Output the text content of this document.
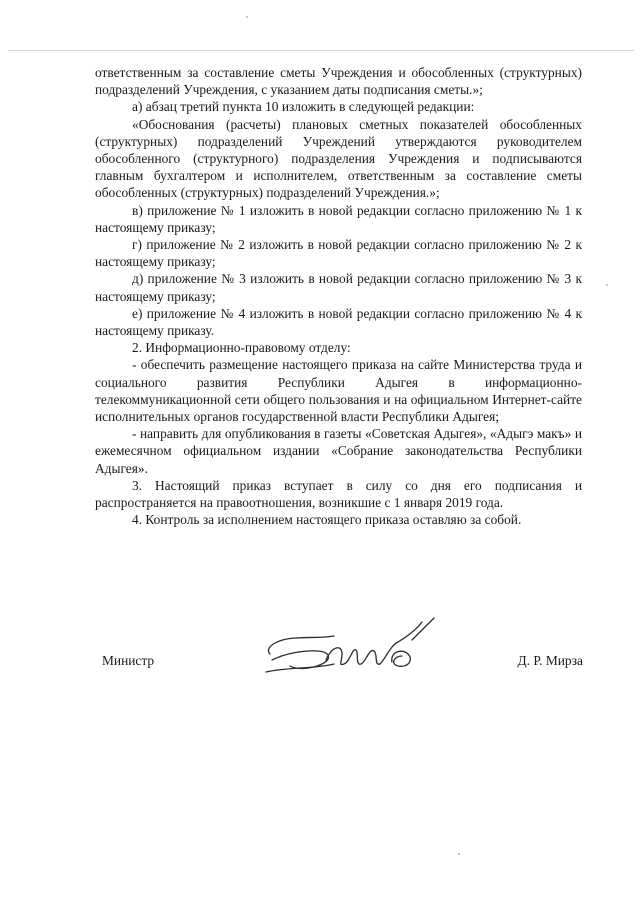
ответственным за составление сметы Учреждения и обособленных (структурных) подразделений Учреждения, с указанием даты подписания сметы.»;

а) абзац третий пункта 10 изложить в следующей редакции:

«Обоснования (расчеты) плановых сметных показателей обособленных (структурных) подразделений Учреждений утверждаются руководителем обособленного (структурного) подразделения Учреждения и подписываются главным бухгалтером и исполнителем, ответственным за составление сметы обособленных (структурных) подразделений Учреждения.»;

в) приложение № 1 изложить в новой редакции согласно приложению № 1 к настоящему приказу;

г) приложение № 2 изложить в новой редакции согласно приложению № 2 к настоящему приказу;

д) приложение № 3 изложить в новой редакции согласно приложению № 3 к настоящему приказу;

е) приложение № 4 изложить в новой редакции согласно приложению № 4 к настоящему приказу.

2. Информационно-правовому отделу:

- обеспечить размещение настоящего приказа на сайте Министерства труда и социального развития Республики Адыгея в информационно-телекоммуникационной сети общего пользования и на официальном Интернет-сайте исполнительных органов государственной власти Республики Адыгея;

- направить для опубликования в газеты «Советская Адыгея», «Адыгэ макъ» и ежемесячном официальном издании «Собрание законодательства Республики Адыгея».

3. Настоящий приказ вступает в силу со дня его подписания и распространяется на правоотношения, возникшие с 1 января 2019 года.

4. Контроль за исполнением настоящего приказа оставляю за собой.

Министр	Д. Р. Мирза
